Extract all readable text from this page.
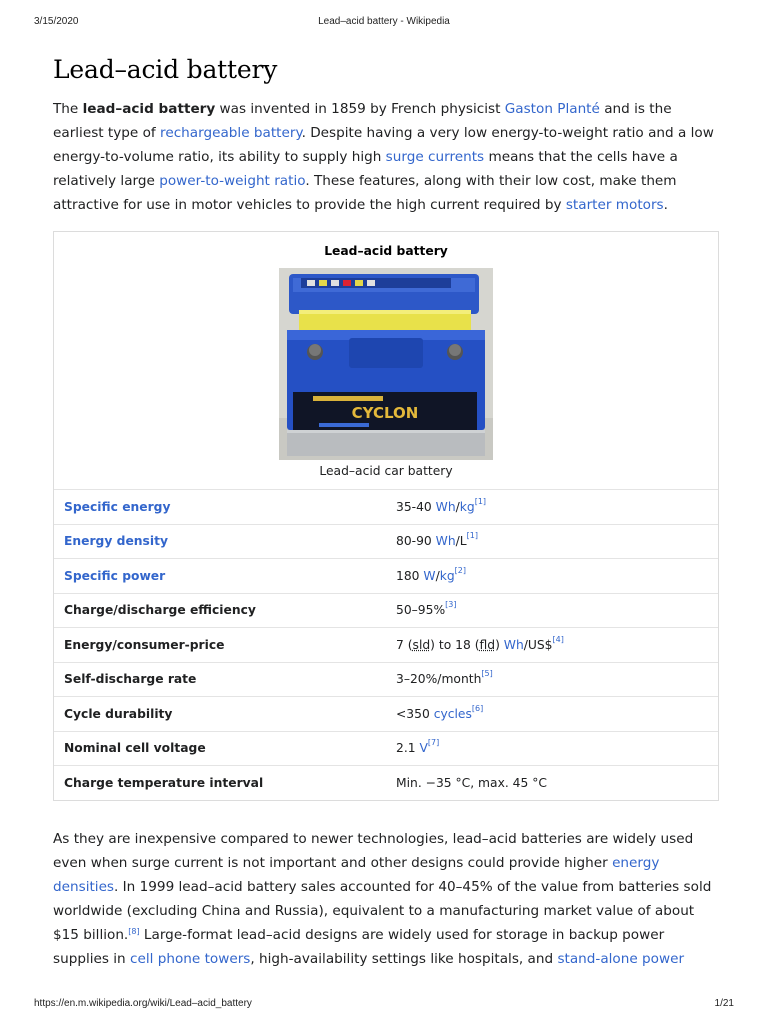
3/15/2020	Lead–acid battery - Wikipedia
Lead–acid battery

The lead–acid battery was invented in 1859 by French physicist Gaston Planté and is the earliest type of rechargeable battery. Despite having a very low energy-to-weight ratio and a low energy-to-volume ratio, its ability to supply high surge currents means that the cells have a relatively large power-to-weight ratio. These features, along with their low cost, make them attractive for use in motor vehicles to provide the high current required by starter motors.

Lead–acid battery
CYCLON
Lead–acid car battery
Specific energy	35-40 Wh/kg[1]
Energy density	80-90 Wh/L[1]
Specific power	180 W/kg[2]
Charge/discharge efficiency	50–95%[3]
Energy/consumer-price	7 (sld) to 18 (fld) Wh/US$[4]
Self-discharge rate	3–20%/month[5]
Cycle durability	<350 cycles[6]
Nominal cell voltage	2.1 V[7]
Charge temperature interval	Min. −35 °C, max. 45 °C

As they are inexpensive compared to newer technologies, lead–acid batteries are widely used even when surge current is not important and other designs could provide higher energy densities. In 1999 lead–acid battery sales accounted for 40–45% of the value from batteries sold worldwide (excluding China and Russia), equivalent to a manufacturing market value of about $15 billion.[8] Large-format lead–acid designs are widely used for storage in backup power supplies in cell phone towers, high-availability settings like hospitals, and stand-alone power

https://en.m.wikipedia.org/wiki/Lead–acid_battery	1/21
